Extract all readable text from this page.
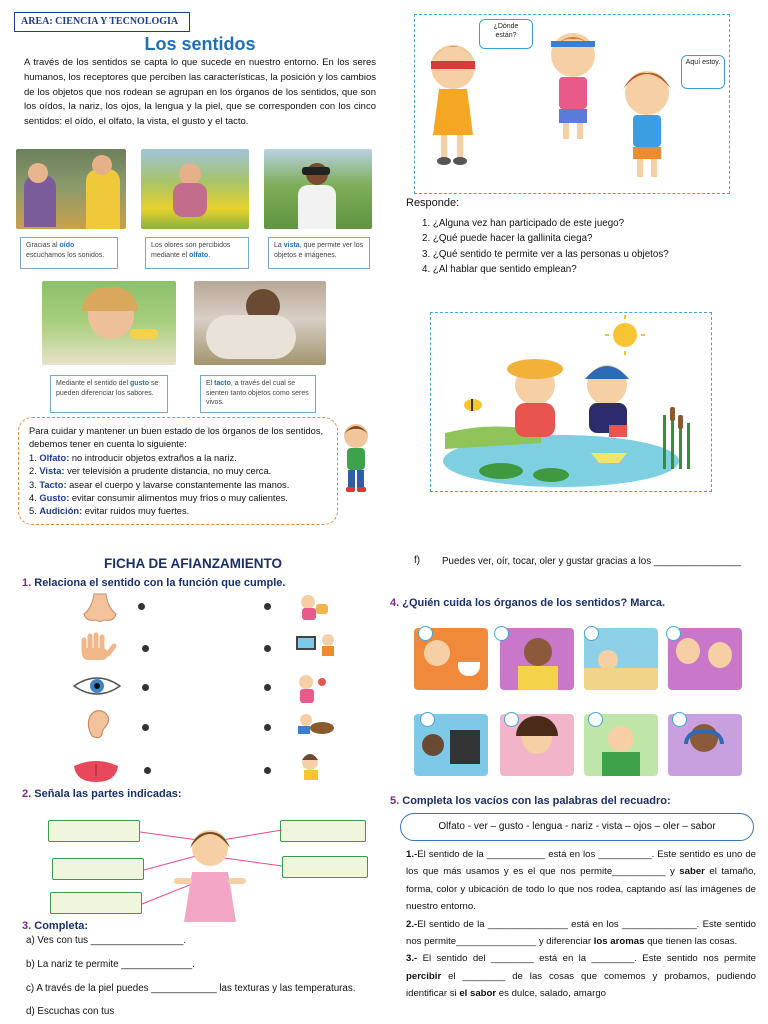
AREA: CIENCIA Y TECNOLOGIA
Los sentidos
A través de los sentidos se capta lo que sucede en nuestro entorno. En los seres humanos, los receptores que perciben las características, la posición y los cambios de los objetos que nos rodean se agrupan en los órganos de los sentidos, que son los oídos, la nariz, los ojos, la lengua y la piel, que se corresponden con los cinco sentidos: el oído, el olfato, la vista, el gusto y el tacto.
Gracias al oído escuchamos los sonidos.
Los olores son percibidos mediante el olfato.
La vista, que permite ver los objetos e imágenes.
Mediante el sentido del gusto se pueden diferenciar los sabores.
El tacto, a través del cual se sienten tanto objetos como seres vivos.
Para cuidar y mantener un buen estado de los órganos de los sentidos, debemos tener en cuenta lo siguiente:
1. Olfato: no introducir objetos extraños a la nariz.
2. Vista: ver televisión a prudente distancia, no muy cerca.
3. Tacto: asear el cuerpo y lavarse constantemente las manos.
4. Gusto: evitar consumir alimentos muy fríos o muy calientes.
5. Audición: evitar ruidos muy fuertes.
¿Dónde están?
Aquí estoy.
Responde:
1. ¿Alguna vez han participado de este juego?
2. ¿Qué puede hacer la gallinita ciega?
3. ¿Qué sentido te permite ver a las personas u objetos?
4. ¿Al hablar que sentido emplean?
FICHA DE AFIANZAMIENTO
1. Relaciona el sentido con la función que cumple.
2. Señala las partes indicadas:
3. Completa:
a) Ves con tus _________________.
b) La nariz te permite _____________.
c) A través de la piel puedes ____________ las texturas y las temperaturas.
d) Escuchas con tus
f) Puedes ver, oír, tocar, oler y gustar gracias a los ________________
4. ¿Quién cuida los órganos de los sentidos? Marca.
5. Completa los vacíos con las palabras del recuadro:
Olfato - ver – gusto - lengua - nariz - vista – ojos – oler – sabor
1.-El sentido de la ___________ está en los __________. Este sentido es uno de los que más usamos y es el que nos permite__________ y saber el tamaño, forma, color y ubicación de todo lo que nos rodea, captando así las imágenes de nuestro entorno.
2.-El sentido de la _______________ está en los ______________. Este sentido nos permite_______________ y diferenciar los aromas que tienen las cosas.
3.- El sentido del ________ está en la ________. Este sentido nos permite percibir el ________ de las cosas que comemos y probamos, pudiendo identificar si el sabor es dulce, salado, amargo
